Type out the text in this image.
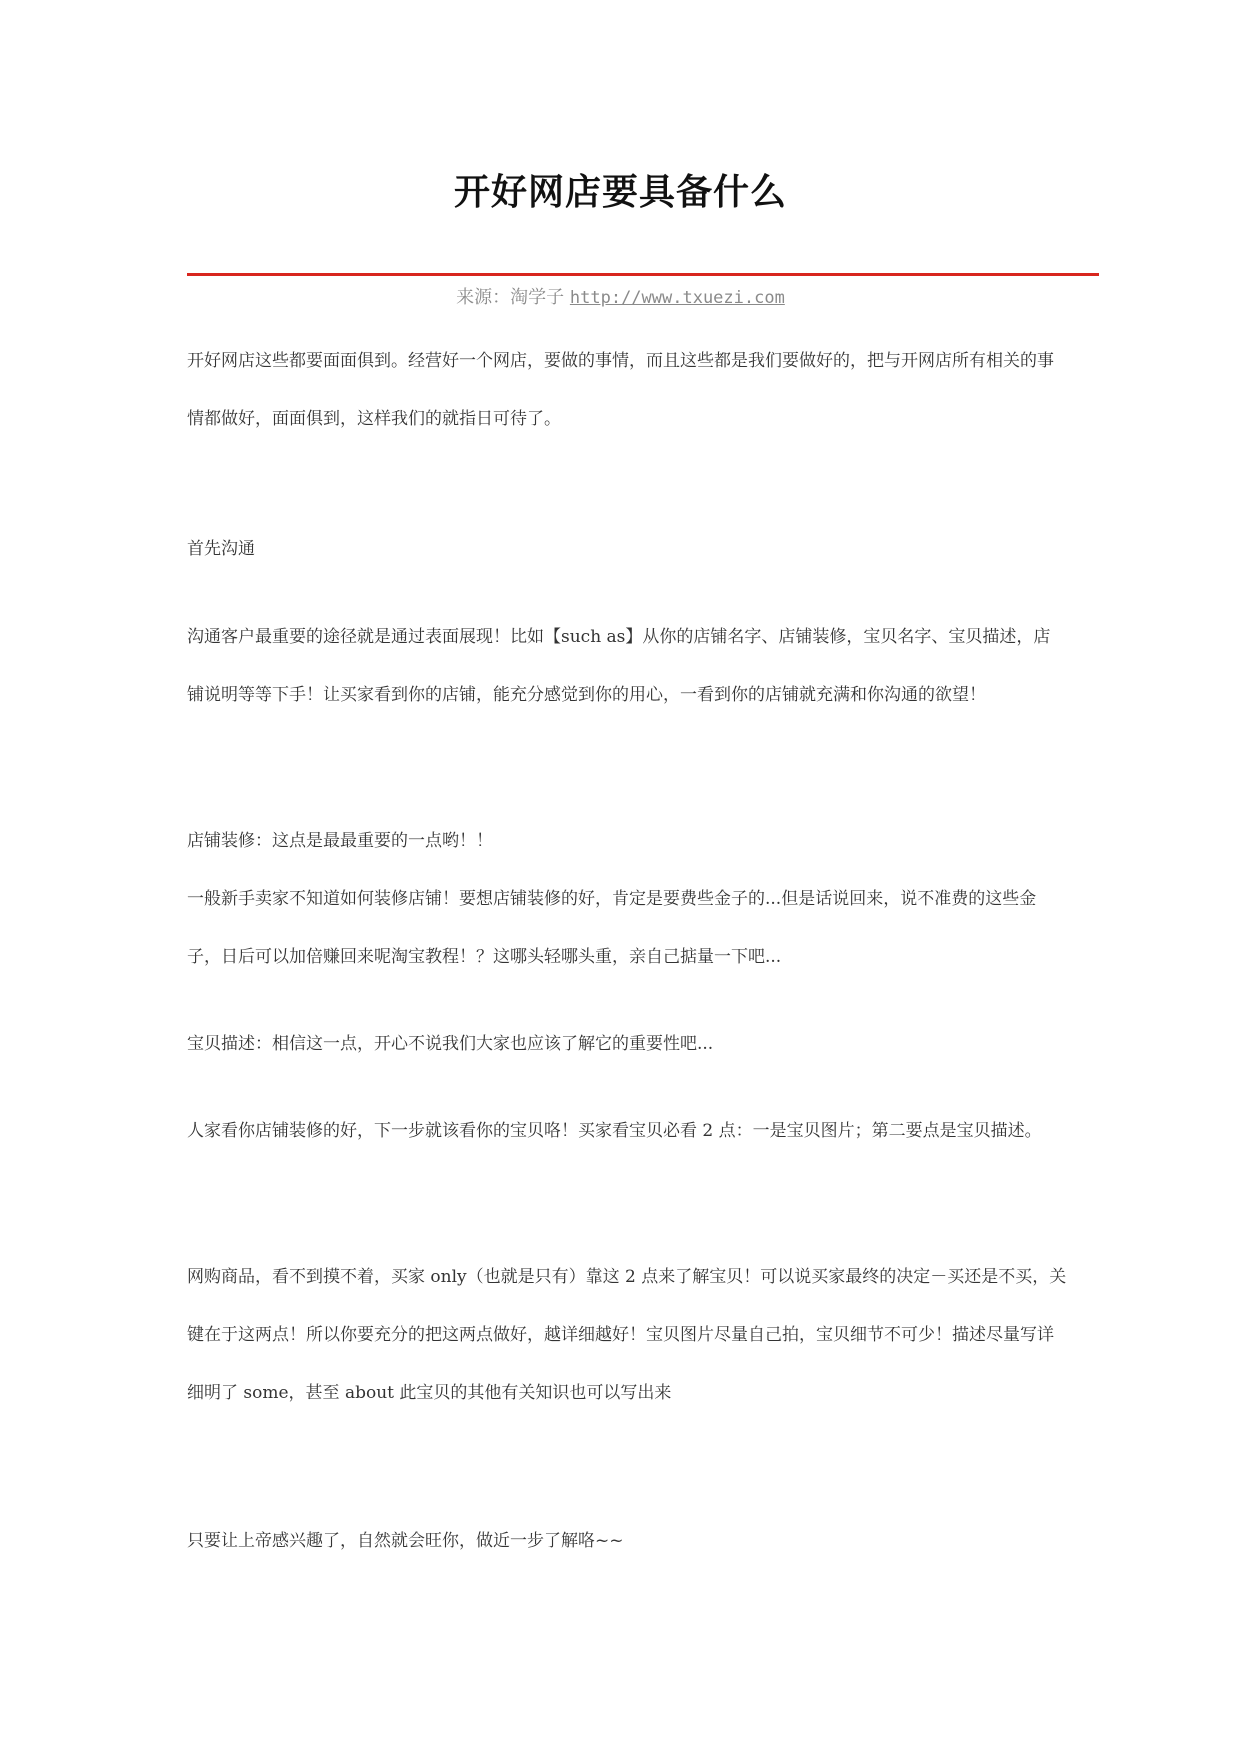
开好网店要具备什么
来源：淘学子 http://www.txuezi.com

开好网店这些都要面面俱到。经营好一个网店，要做的事情，而且这些都是我们要做好的，把与开网店所有相关的事情都做好，面面俱到，这样我们的就指日可待了。

首先沟通

沟通客户最重要的途径就是通过表面展现！比如【such as】从你的店铺名字、店铺装修，宝贝名字、宝贝描述，店铺说明等等下手！让买家看到你的店铺，能充分感觉到你的用心，一看到你的店铺就充满和你沟通的欲望！

店铺装修：这点是最最重要的一点哟！！

一般新手卖家不知道如何装修店铺！要想店铺装修的好，肯定是要费些金子的...但是话说回来，说不准费的这些金子，日后可以加倍赚回来呢淘宝教程！？这哪头轻哪头重，亲自己掂量一下吧...

宝贝描述：相信这一点，开心不说我们大家也应该了解它的重要性吧...

人家看你店铺装修的好，下一步就该看你的宝贝咯！买家看宝贝必看 2 点：一是宝贝图片；第二要点是宝贝描述。

网购商品，看不到摸不着，买家 only（也就是只有）靠这 2 点来了解宝贝！可以说买家最终的决定－买还是不买，关键在于这两点！所以你要充分的把这两点做好，越详细越好！宝贝图片尽量自己拍，宝贝细节不可少！描述尽量写详细明了 some，甚至 about 此宝贝的其他有关知识也可以写出来

只要让上帝感兴趣了，自然就会旺你，做近一步了解咯~~
